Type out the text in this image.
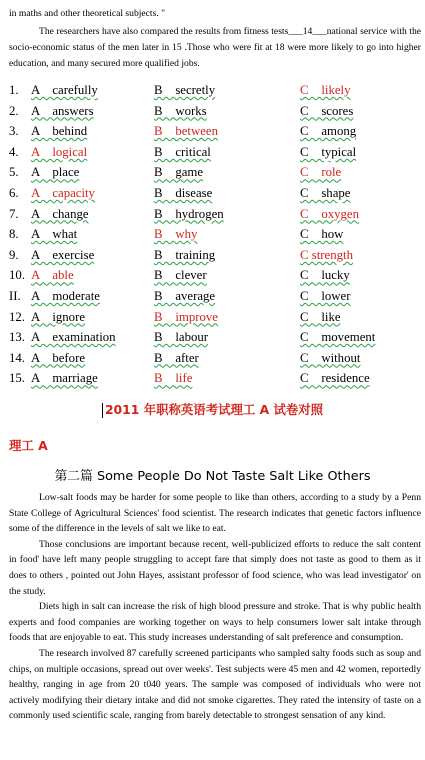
in maths and other theoretical subjects. "
The researchers have also compared the results from fitness tests___14___national service with the socio-economic status of the men later in 15 .Those who were fit at 18 were more likely to go into higher education, and many secured more qualified jobs.
1. A　carefully	B　secretly	C　likely
2. A　answers	B　works	C　scores
3. A　behind	B　between	C　among
4. A　logical	B　critical	C　typical
5. A　place	B　game	C　role
6. A　capacity	B　disease	C　shape
7. A　change	B　hydrogen	C　oxygen
8. A　what	B　why	C　how
9. A　exercise	B　training	C strength
10. A　able	B　clever	C　lucky
II. A　moderate	B　average	C　lower
12. A　ignore	B　improve	C　like
13. A　examination	B　labour	C　movement
14. A　before	B　after	C　without
15. A　marriage	B　life	C　residence
2011 年职称英语考试理工 A 试卷对照
理工 A
第二篇 Some People Do Not Taste Salt Like Others

Low-salt foods may be harder for some people to like than others, according to a study by a Penn State College of Agricultural Sciences' food scientist. The research indicates that genetic factors influence some of the difference in the levels of salt we like to eat.

Those conclusions are important because recent, well-publicized efforts to reduce the salt content in food' have left many people struggling to accept fare that simply does not taste as good to them as it does to others , pointed out John Hayes, assistant professor of food science, who was lead investigator' on the study.

Diets high in salt can increase the risk of high blood pressure and stroke. That is why public health experts and food companies are working together on ways to help consumers lower salt intake through foods that are enjoyable to eat. This study increases understanding of salt preference and consumption.

The research involved 87 carefully screened participants who sampled salty foods such as soup and chips, on multiple occasions, spread out over weeks'. Test subjects were 45 men and 42 women, reportedly healthy, ranging in age from 20 t040 years. The sample was composed of individuals who were not actively modifying their dietary intake and did not smoke cigarettes. They rated the intensity of taste on a commonly used scientific scale, ranging from barely detectable to strongest sensation of any kind.
